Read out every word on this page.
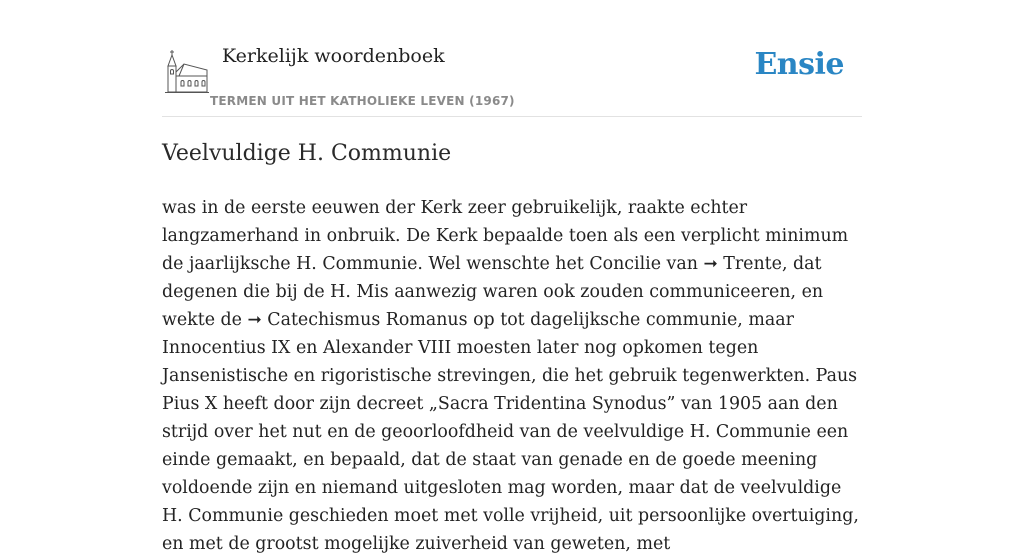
Kerkelijk woordenboek
TERMEN UIT HET KATHOLIEKE LEVEN (1967)
Ensie
Veelvuldige H. Communie

was in de eerste eeuwen der Kerk zeer gebruikelijk, raakte echter langzamerhand in onbruik. De Kerk bepaalde toen als een verplicht minimum de jaarlijksche H. Communie. Wel wenschte het Concilie van ➞ Trente, dat degenen die bij de H. Mis aanwezig waren ook zouden communiceeren, en wekte de ➞ Catechismus Romanus op tot dagelijksche communie, maar Innocentius IX en Alexander VIII moesten later nog opkomen tegen Jansenistische en rigoristische strevingen, die het gebruik tegenwerkten. Paus Pius X heeft door zijn decreet „Sacra Tridentina Synodus” van 1905 aan den strijd over het nut en de geoorloofdheid van de veelvuldige H. Communie een einde gemaakt, en bepaald, dat de staat van genade en de goede meening voldoende zijn en niemand uitgesloten mag worden, maar dat de veelvuldige H. Communie geschieden moet met volle vrijheid, uit persoonlijke overtuiging, en met de grootst mogelijke zuiverheid van geweten, met
